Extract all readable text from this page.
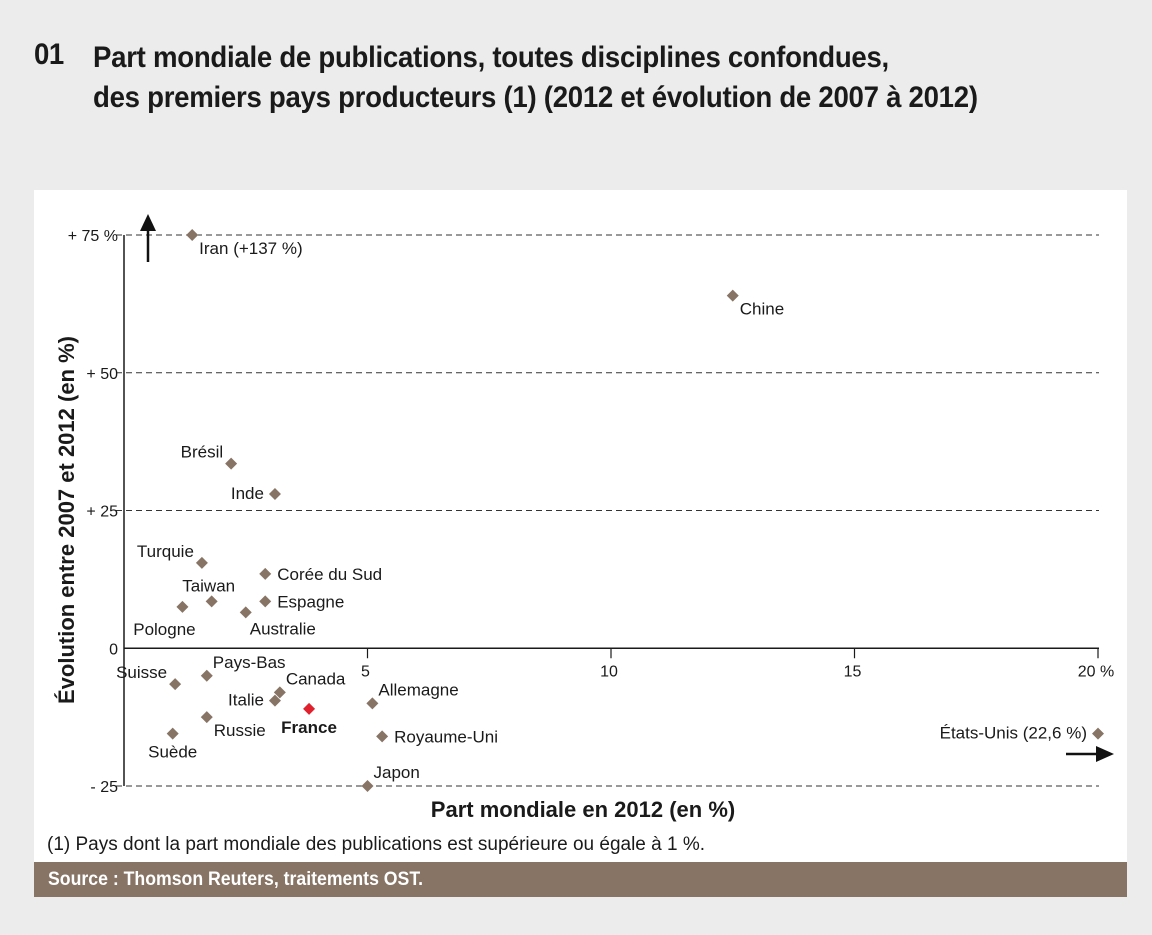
01 Part mondiale de publications, toutes disciplines confondues,
des premiers pays producteurs (1) (2012 et évolution de 2007 à 2012)
+ 75 %
+ 50
+ 25
0
- 25
5	10	15	20 %
Iran (+137 %)
Chine
Brésil
Inde
Turquie
Corée du Sud
Taiwan
Pologne
Espagne
Australie
Suisse
Pays-Bas
Canada
Italie
France
Allemagne
Russie
Suède
Royaume-Uni
Japon
États-Unis (22,6 %)
Évolution entre 2007 et 2012 (en %)
Part mondiale en 2012 (en %)
(1) Pays dont la part mondiale des publications est supérieure ou égale à 1 %.
Source : Thomson Reuters, traitements OST.
